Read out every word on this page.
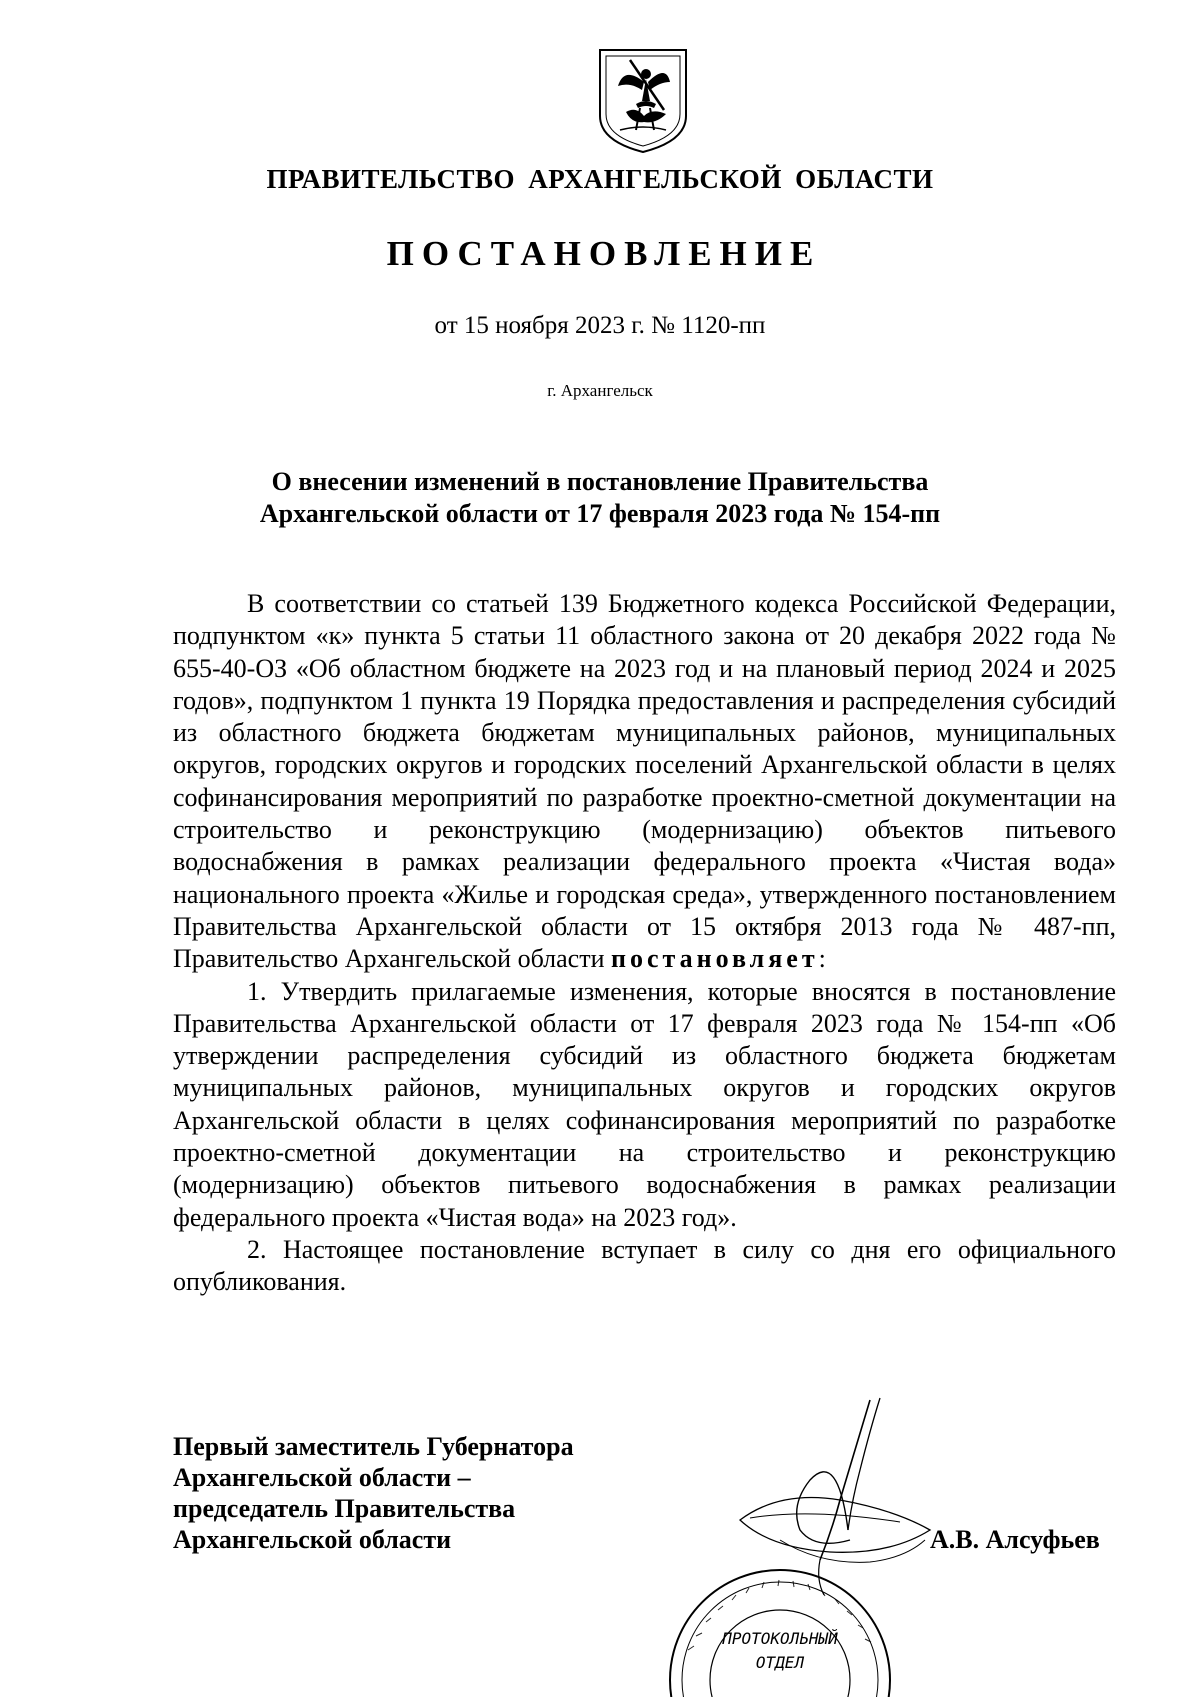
ПРАВИТЕЛЬСТВО АРХАНГЕЛЬСКОЙ ОБЛАСТИ
ПОСТАНОВЛЕНИЕ
от 15 ноября 2023 г. № 1120-пп
г. Архангельск
О внесении изменений в постановление Правительства
Архангельской области от 17 февраля 2023 года № 154-пп

В соответствии со статьей 139 Бюджетного кодекса Российской Федерации, подпунктом «к» пункта 5 статьи 11 областного закона от 20 декабря 2022 года № 655-40-ОЗ «Об областном бюджете на 2023 год и на плановый период 2024 и 2025 годов», подпунктом 1 пункта 19 Порядка предоставления и распределения субсидий из областного бюджета бюджетам муниципальных районов, муниципальных округов, городских округов и городских поселений Архангельской области в целях софинансирования мероприятий по разработке проектно-сметной документации на строительство и реконструкцию (модернизацию) объектов питьевого водоснабжения в рамках реализации федерального проекта «Чистая вода» национального проекта «Жилье и городская среда», утвержденного постановлением Правительства Архангельской области от 15 октября 2013 года № 487-пп, Правительство Архангельской области постановляет:

1. Утвердить прилагаемые изменения, которые вносятся в постановление Правительства Архангельской области от 17 февраля 2023 года № 154-пп «Об утверждении распределения субсидий из областного бюджета бюджетам муниципальных районов, муниципальных округов и городских округов Архангельской области в целях софинансирования мероприятий по разработке проектно-сметной документации на строительство и реконструкцию (модернизацию) объектов питьевого водоснабжения в рамках реализации федерального проекта «Чистая вода» на 2023 год».

2. Настоящее постановление вступает в силу со дня его официального опубликования.

Первый заместитель Губернатора
Архангельской области –
председатель Правительства
Архангельской области	А.В. Алсуфьев
ПРОТОКОЛЬНЫЙ
ОТДЕЛ
